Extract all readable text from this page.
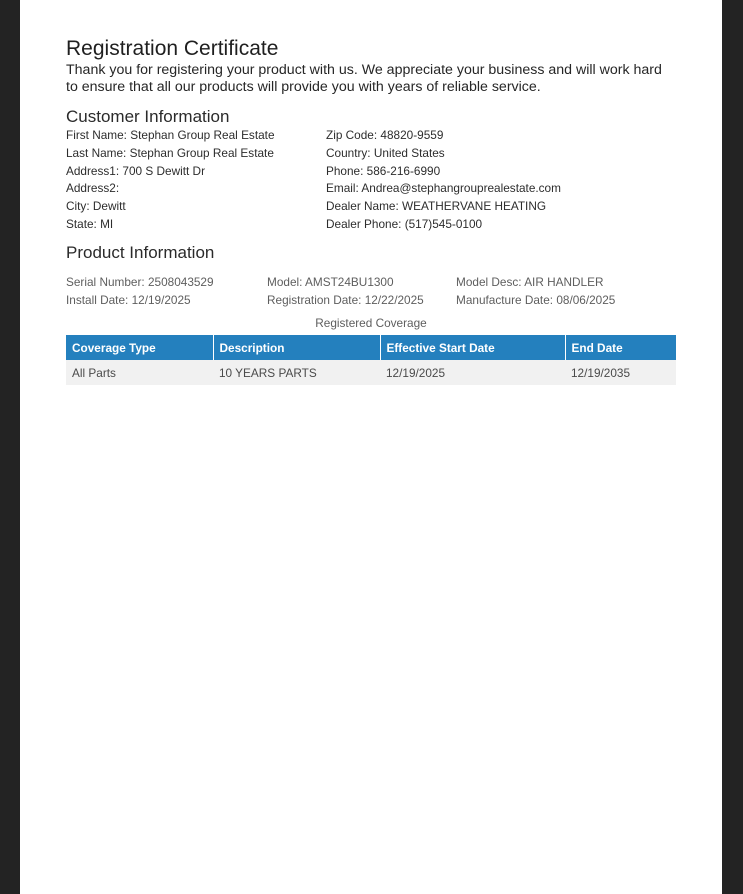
Registration Certificate

Thank you for registering your product with us. We appreciate your business and will work hard to ensure that all our products will provide you with years of reliable service.

Customer Information
First Name: Stephan Group Real Estate
Last Name: Stephan Group Real Estate
Address1: 700 S Dewitt Dr
Address2:
City: Dewitt
State: MI
Zip Code: 48820-9559
Country: United States
Phone: 586-216-6990
Email: Andrea@stephangrouprealestate.com
Dealer Name: WEATHERVANE HEATING
Dealer Phone: (517)545-0100
Product Information
Serial Number: 2508043529	Model: AMST24BU1300	Model Desc: AIR HANDLER
Install Date: 12/19/2025	Registration Date: 12/22/2025	Manufacture Date: 08/06/2025
Registered Coverage
Coverage Type	Description	Effective Start Date	End Date
All Parts	10 YEARS PARTS	12/19/2025	12/19/2035
